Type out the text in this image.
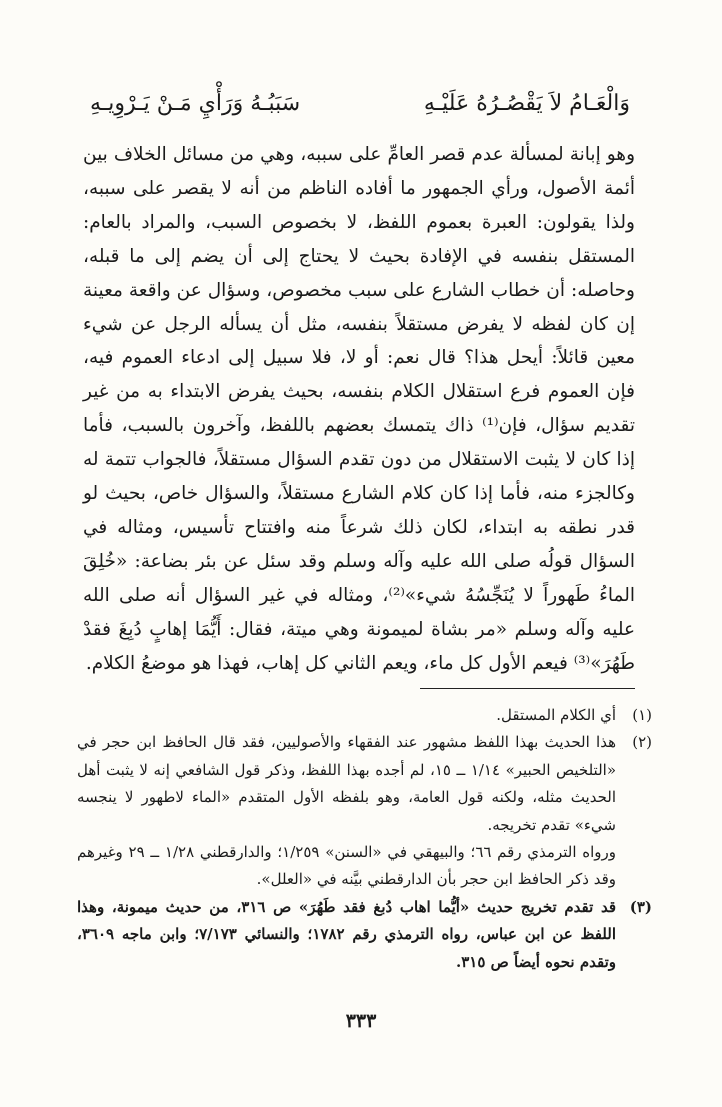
وَالْعَـامُ لاَ يَقْصُـرُهُ عَلَيْـهِ
سَبَبُـهُ وَرَأْيِ مَـنْ يَـرْوِيـهِ

وهو إبانة لمسألة عدم قصر العامِّ على سببه، وهي من مسائل الخلاف بين أئمة الأصول، ورأي الجمهور ما أفاده الناظم من أنه لا يقصر على سببه، ولذا يقولون: العبرة بعموم اللفظ، لا بخصوص السبب، والمراد بالعام: المستقل بنفسه في الإفادة بحيث لا يحتاج إلى أن يضم إلى ما قبله، وحاصله: أن خطاب الشارع على سبب مخصوص، وسؤال عن واقعة معينة إن كان لفظه لا يفرض مستقلاً بنفسه، مثل أن يسأله الرجل عن شيء معين قائلاً: أيحل هذا؟ قال نعم: أو لا، فلا سبيل إلى ادعاء العموم فيه، فإن العموم فرع استقلال الكلام بنفسه، بحيث يفرض الابتداء به من غير تقديم سؤال، فإن⁽¹⁾ ذاك يتمسك بعضهم باللفظ، وآخرون بالسبب، فأما إذا كان لا يثبت الاستقلال من دون تقدم السؤال مستقلاً، فالجواب تتمة له وكالجزء منه، فأما إذا كان كلام الشارع مستقلاً، والسؤال خاص، بحيث لو قدر نطقه به ابتداء، لكان ذلك شرعاً منه وافتتاح تأسيس، ومثاله في السؤال قولُه صلى الله عليه وآله وسلم وقد سئل عن بئر بضاعة: «خُلِقَ الماءُ طَهوراً لا يُنَجِّسُهُ شيء»⁽²⁾، ومثاله في غير السؤال أنه صلى الله عليه وآله وسلم «مر بشاة لميمونة وهي ميتة، فقال: أَيُّمَا إهابٍ دُبِغَ فقدْ طَهُرَ»⁽³⁾ فيعم الأول كل ماء، ويعم الثاني كل إهاب، فهذا هو موضعُ الكلام.

(١)
أي الكلام المستقل.
(٢)
هذا الحديث بهذا اللفظ مشهور عند الفقهاء والأصوليين، فقد قال الحافظ ابن حجر في «التلخيص الحبير» ١/١٤ ــ ١٥، لم أجده بهذا اللفظ، وذكر قول الشافعي إنه لا يثبت أهل الحديث مثله، ولكنه قول العامة، وهو بلفظه الأول المتقدم «الماء لاطهور لا ينجسه شيء» تقدم تخريجه.
ورواه الترمذي رقم ٦٦؛ والبيهقي في «السنن» ١/٢٥٩؛ والدارقطني ١/٢٨ ــ ٢٩ وغيرهم وقد ذكر الحافظ ابن حجر بأن الدارقطني بيَّنه في «العلل».
(٣)
قد تقدم تخريج حديث «أيُّما اهاب دُبغ فقد طَهُرَ» ص ٣١٦، من حديث ميمونة، وهذا اللفظ عن ابن عباس، رواه الترمذي رقم ١٧٨٢؛ والنسائي ٧/١٧٣؛ وابن ماجه ٣٦٠٩، وتقدم نحوه أيضاً ص ٣١٥.
٣٣٣
